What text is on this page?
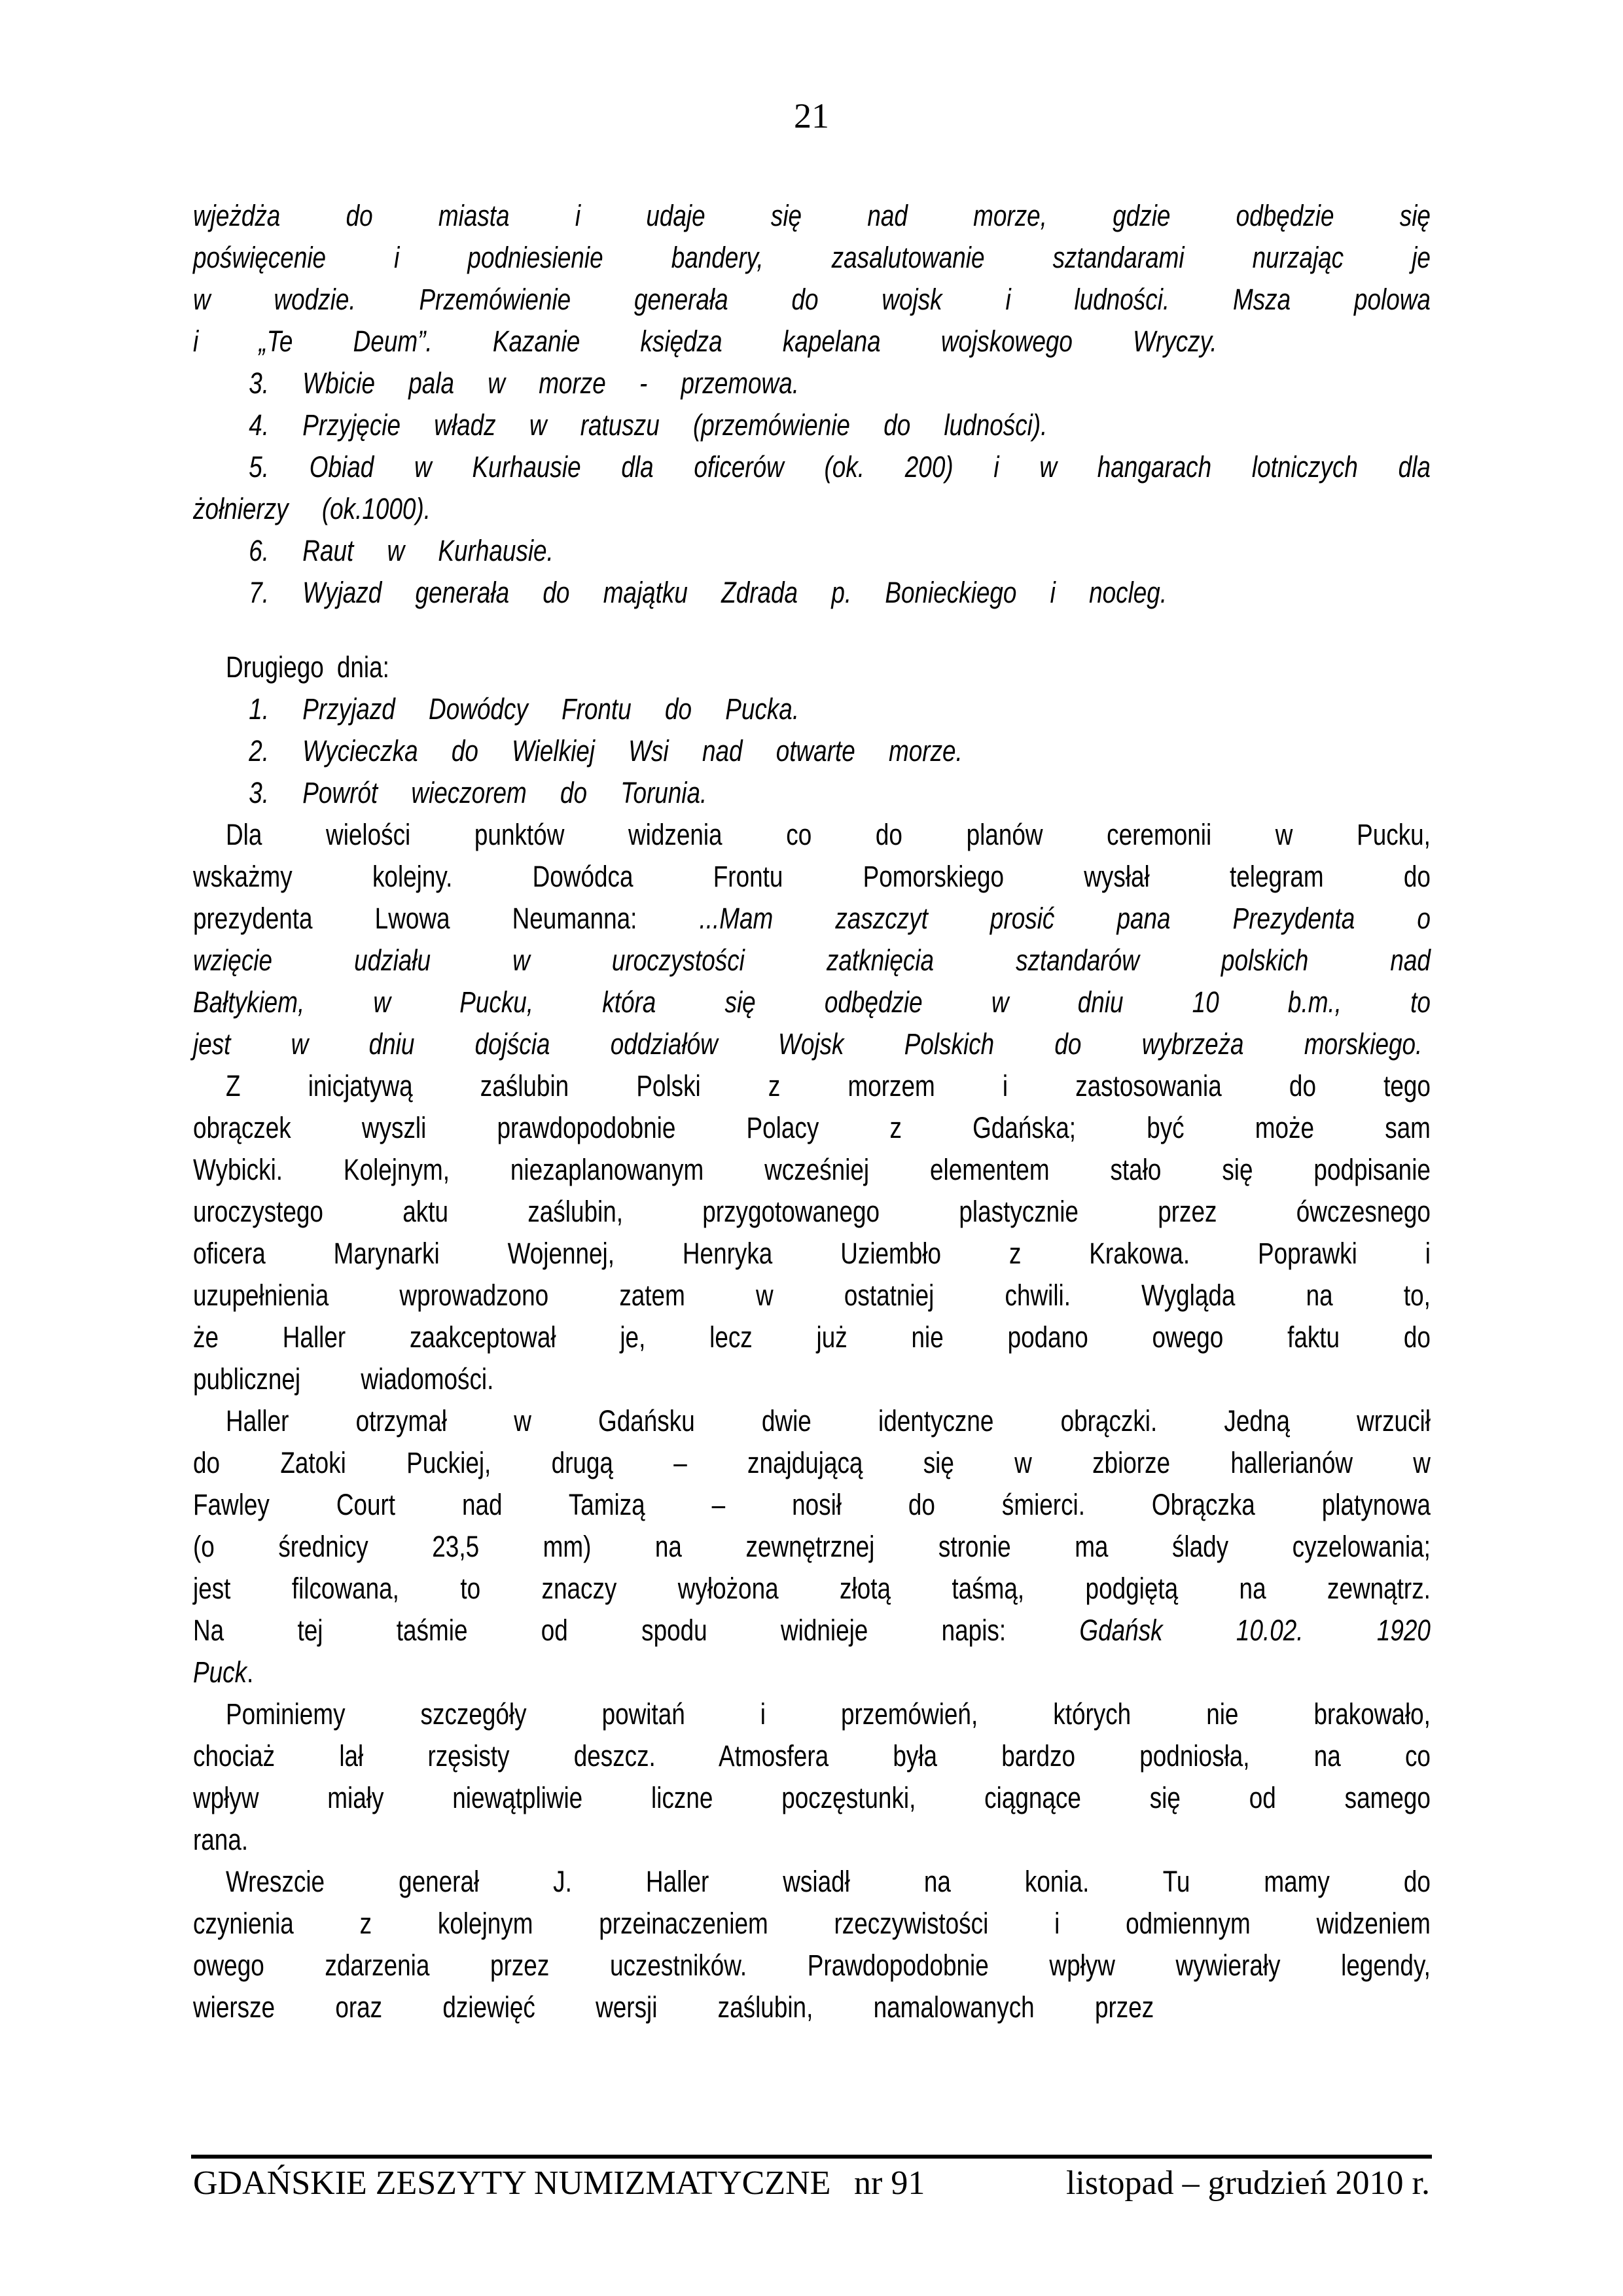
21

wjeżdża do miasta i udaje się nad morze, gdzie odbędzie się poświęcenie i podniesienie bandery, zasalutowanie sztandarami nurzając je w wodzie. Przemówienie generała do wojsk i ludności. Msza polowa i „Te Deum”. Kazanie księdza kapelana wojskowego Wryczy.

3. Wbicie pala w morze - przemowa.

4. Przyjęcie władz w ratuszu (przemówienie do ludności).

5. Obiad w Kurhausie dla oficerów (ok. 200) i w hangarach lotniczych dla żołnierzy (ok.1000).

6. Raut w Kurhausie.

7. Wyjazd generała do majątku Zdrada p. Bonieckiego i nocleg.

Drugiego dnia:

1. Przyjazd Dowódcy Frontu do Pucka.

2. Wycieczka do Wielkiej Wsi nad otwarte morze.

3. Powrót wieczorem do Torunia.

Dla wielości punktów widzenia co do planów ceremonii w Pucku, wskażmy kolejny. Dowódca Frontu Pomorskiego wysłał telegram do prezydenta Lwowa Neumanna: ...Mam zaszczyt prosić pana Prezydenta o wzięcie udziału w uroczystości zatknięcia sztandarów polskich nad Bałtykiem, w Pucku, która się odbędzie w dniu 10 b.m., to jest w dniu dojścia oddziałów Wojsk Polskich do wybrzeża morskiego.

Z inicjatywą zaślubin Polski z morzem i zastosowania do tego obrączek wyszli prawdopodobnie Polacy z Gdańska; być może sam Wybicki. Kolejnym, niezaplanowanym wcześniej elementem stało się podpisanie uroczystego aktu zaślubin, przygotowanego plastycznie przez ówczesnego oficera Marynarki Wojennej, Henryka Uziembło z Krakowa. Poprawki i uzupełnienia wprowadzono zatem w ostatniej chwili. Wygląda na to, że Haller zaakceptował je, lecz już nie podano owego faktu do publicznej wiadomości.

Haller otrzymał w Gdańsku dwie identyczne obrączki. Jedną wrzucił do Zatoki Puckiej, drugą – znajdującą się w zbiorze hallerianów w Fawley Court nad Tamizą – nosił do śmierci. Obrączka platynowa (o średnicy 23,5 mm) na zewnętrznej stronie ma ślady cyzelowania; jest filcowana, to znaczy wyłożona złotą taśmą, podgiętą na zewnątrz. Na tej taśmie od spodu widnieje napis: Gdańsk 10.02. 1920 Puck.

Pominiemy szczegóły powitań i przemówień, których nie brakowało, chociaż lał rzęsisty deszcz. Atmosfera była bardzo podniosła, na co wpływ miały niewątpliwie liczne poczęstunki, ciągnące się od samego rana.

Wreszcie generał J. Haller wsiadł na konia. Tu mamy do czynienia z kolejnym przeinaczeniem rzeczywistości i odmiennym widzeniem owego zdarzenia przez uczestników. Prawdopodobnie wpływ wywierały legendy, wiersze oraz dziewięć wersji zaślubin, namalowanych przez

GDAŃSKIE ZESZYTY NUMIZMATYCZNE nr 91	listopad – grudzień 2010 r.
